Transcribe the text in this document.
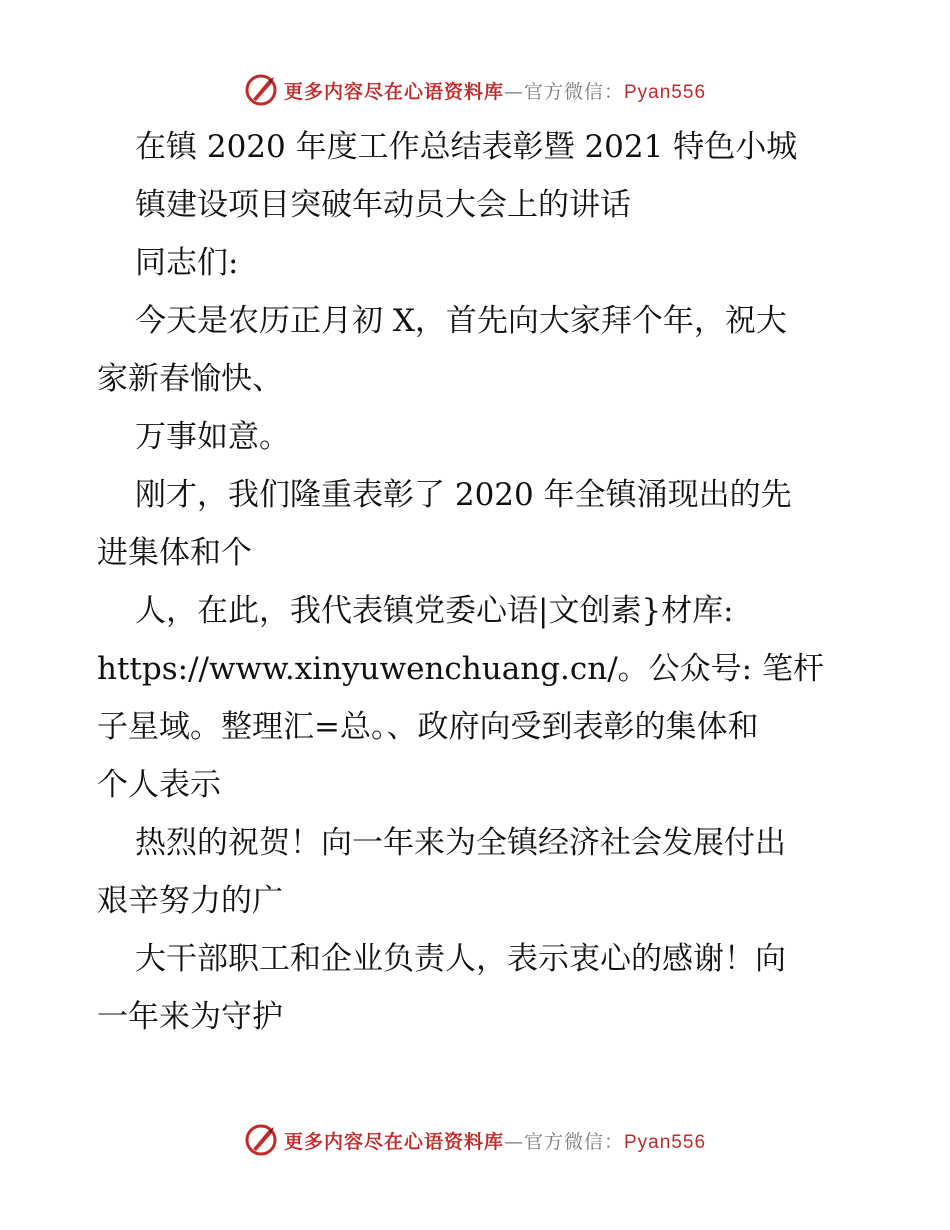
更多内容尽在心语资料库—官方微信：Pyan556
在镇 2020 年度工作总结表彰暨 2021 特色小城
镇建设项目突破年动员大会上的讲话
同志们:
今天是农历正月初 X，首先向大家拜个年，祝大
家新春愉快、
万事如意。
刚才，我们隆重表彰了 2020 年全镇涌现出的先
进集体和个
人，在此，我代表镇党委心语|文创素}材库:
https://www.xinyuwenchuang.cn/。公众号: 笔杆
子星域。整理汇=总。、政府向受到表彰的集体和
个人表示
热烈的祝贺！向一年来为全镇经济社会发展付出
艰辛努力的广
大干部职工和企业负责人，表示衷心的感谢！向
一年来为守护
更多内容尽在心语资料库—官方微信：Pyan556
